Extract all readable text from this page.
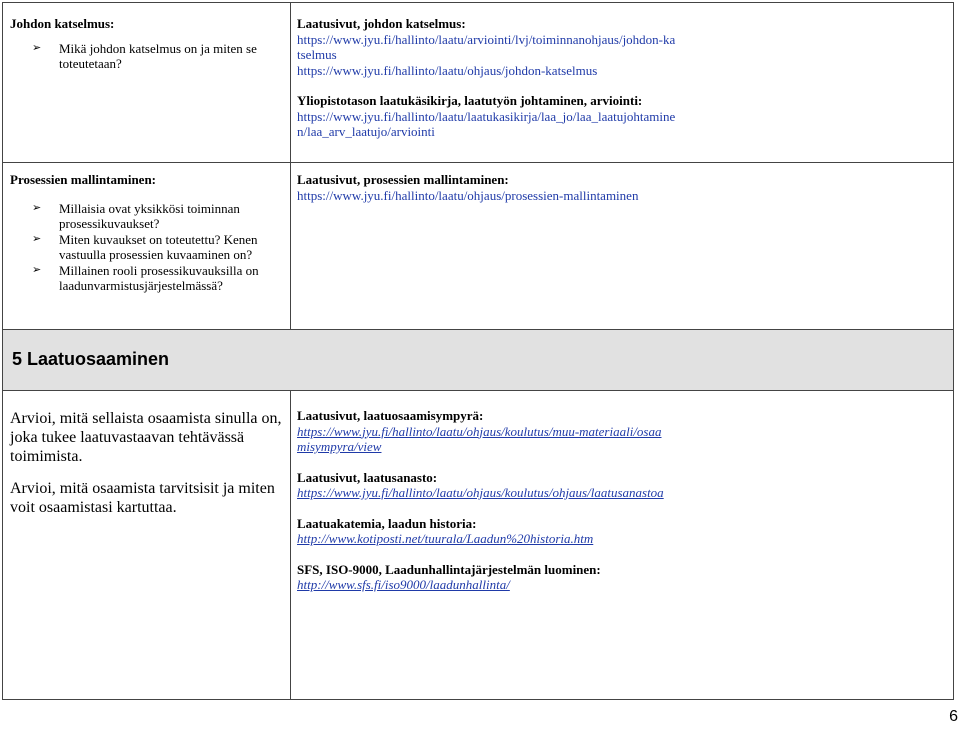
5 Laatuosaaminen
Johdon katselmus:
➢ Mikä johdon katselmus on ja miten se toteutetaan?
Laatusivut, johdon katselmus:
https://www.jyu.fi/hallinto/laatu/arviointi/lvj/toiminnanohjaus/johdon-katselmus
https://www.jyu.fi/hallinto/laatu/ohjaus/johdon-katselmus
Yliopistotason laatukäsikirja, laatutyön johtaminen, arviointi:
https://www.jyu.fi/hallinto/laatu/laatukasikirja/laa_jo/laa_laatujohtaminen/laa_arv_laatujo/arviointi
Prosessien mallintaminen:
➢ Millaisia ovat yksikkösi toiminnan prosessikuvaukset?
➢ Miten kuvaukset on toteutettu? Kenen vastuulla prosessien kuvaaminen on?
➢ Millainen rooli prosessikuvauksilla on laadunvarmistusjärjestelmässä?
Laatusivut, prosessien mallintaminen:
https://www.jyu.fi/hallinto/laatu/ohjaus/prosessien-mallintaminen
Arvioi, mitä sellaista osaamista sinulla on, joka tukee laatuvastaavan tehtävässä toimimista.
Arvioi, mitä osaamista tarvitsisit ja miten voit osaamistasi kartuttaa.
Laatusivut, laatuosaamisympyrä:
https://www.jyu.fi/hallinto/laatu/ohjaus/koulutus/muu-materiaali/osaamisympyra/view
Laatusivut, laatusanasto:
https://www.jyu.fi/hallinto/laatu/ohjaus/koulutus/ohjaus/laatusanastoa
Laatuakatemia, laadun historia:
http://www.kotiposti.net/tuurala/Laadun%20historia.htm
SFS, ISO-9000, Laadunhallintajärjestelmän luominen:
http://www.sfs.fi/iso9000/laadunhallinta/
6
